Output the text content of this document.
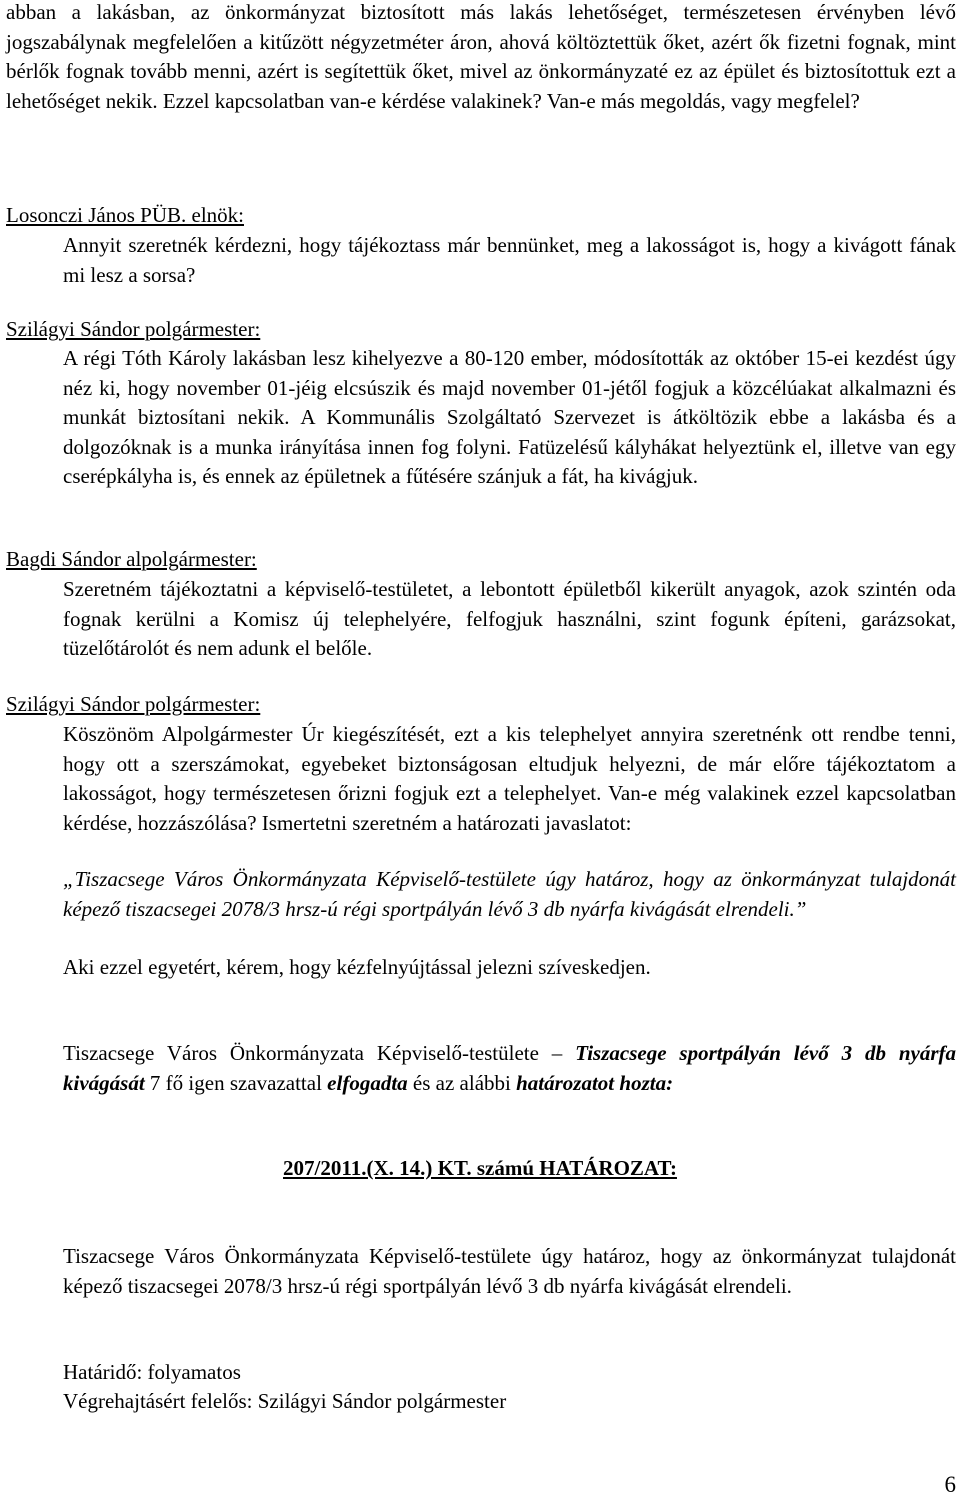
abban a lakásban, az önkormányzat biztosított más lakás lehetőséget, természetesen érvényben lévő jogszabálynak megfelelően a kitűzött négyzetméter áron, ahová költöztettük őket, azért ők fizetni fognak, mint bérlők fognak tovább menni, azért is segítettük őket, mivel az önkormányzaté ez az épület és biztosítottuk ezt a lehetőséget nekik. Ezzel kapcsolatban van-e kérdése valakinek? Van-e más megoldás, vagy megfelel?

Losonczi János PÜB. elnök:

Annyit szeretnék kérdezni, hogy tájékoztass már bennünket, meg a lakosságot is, hogy a kivágott fának mi lesz a sorsa?

Szilágyi Sándor polgármester:

A régi Tóth Károly lakásban lesz kihelyezve a 80-120 ember, módosították az október 15-ei kezdést úgy néz ki, hogy november 01-jéig elcsúszik és majd november 01-jétől fogjuk a közcélúakat alkalmazni és munkát biztosítani nekik. A Kommunális Szolgáltató Szervezet is átköltözik ebbe a lakásba és a dolgozóknak is a munka irányítása innen fog folyni. Fatüzelésű kályhákat helyeztünk el, illetve van egy cserépkályha is, és ennek az épületnek a fűtésére szánjuk a fát, ha kivágjuk.

Bagdi Sándor alpolgármester:

Szeretném tájékoztatni a képviselő-testületet, a lebontott épületből kikerült anyagok, azok szintén oda fognak kerülni a Komisz új telephelyére, felfogjuk használni, szint fogunk építeni, garázsokat, tüzelőtárolót és nem adunk el belőle.

Szilágyi Sándor polgármester:

Köszönöm Alpolgármester Úr kiegészítését, ezt a kis telephelyet annyira szeretnénk ott rendbe tenni, hogy ott a szerszámokat, egyebeket biztonságosan eltudjuk helyezni, de már előre tájékoztatom a lakosságot, hogy természetesen őrizni fogjuk ezt a telephelyet. Van-e még valakinek ezzel kapcsolatban kérdése, hozzászólása? Ismertetni szeretném a határozati javaslatot:

„Tiszacsege Város Önkormányzata Képviselő-testülete úgy határoz, hogy az önkormányzat tulajdonát képező tiszacsegei 2078/3 hrsz-ú régi sportpályán lévő 3 db nyárfa kivágását elrendeli.”

Aki ezzel egyetért, kérem, hogy kézfelnyújtással jelezni szíveskedjen.

Tiszacsege Város Önkormányzata Képviselő-testülete – Tiszacsege sportpályán lévő 3 db nyárfa kivágását 7 fő igen szavazattal elfogadta és az alábbi határozatot hozta:

207/2011.(X. 14.) KT. számú HATÁROZAT:

Tiszacsege Város Önkormányzata Képviselő-testülete úgy határoz, hogy az önkormányzat tulajdonát képező tiszacsegei 2078/3 hrsz-ú régi sportpályán lévő 3 db nyárfa kivágását elrendeli.

Határidő: folyamatos

Végrehajtásért felelős: Szilágyi Sándor polgármester

6
